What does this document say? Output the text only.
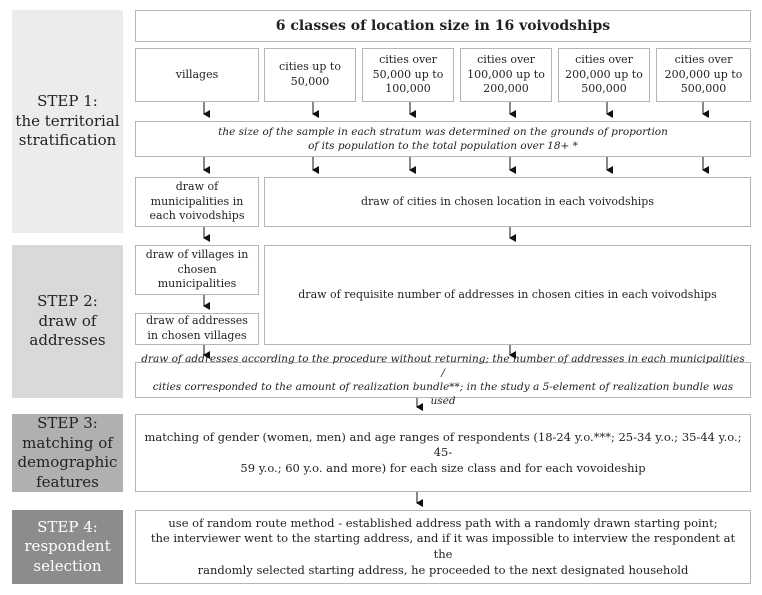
STEP 1:
the territorial
stratification
STEP 2:
draw of
addresses
STEP 3:
matching of
demographic
features
STEP 4:
respondent
selection
6 classes of location size in 16 voivodships
villages
cities up to
50,000
cities over
50,000 up to
100,000
cities over
100,000 up to
200,000
cities over
200,000 up to
500,000
cities over
200,000 up to
500,000
the size of the sample in each stratum was determined on the grounds of proportion
of its population to the total population over 18+ *
draw of
municipalities in
each voivodships
draw of cities in chosen location in each voivodships
draw of villages in
chosen
municipalities
draw of addresses
in chosen villages
draw of requisite number of addresses in chosen cities in each voivodships
draw of addresses according to the procedure without returning; the number of addresses in each municipalities /
cities corresponded to the amount of realization bundle**; in the study a 5-element of realization bundle was used
matching of gender (women, men) and age ranges of respondents (18-24 y.o.***; 25-34 y.o.; 35-44 y.o.; 45-
59 y.o.; 60 y.o. and more) for each size class and for each vovoideship
use of random route method - established address path with a randomly drawn starting point;
the interviewer went to the starting address, and if it was impossible to interview the respondent at the
randomly selected starting address, he proceeded to the next designated household
